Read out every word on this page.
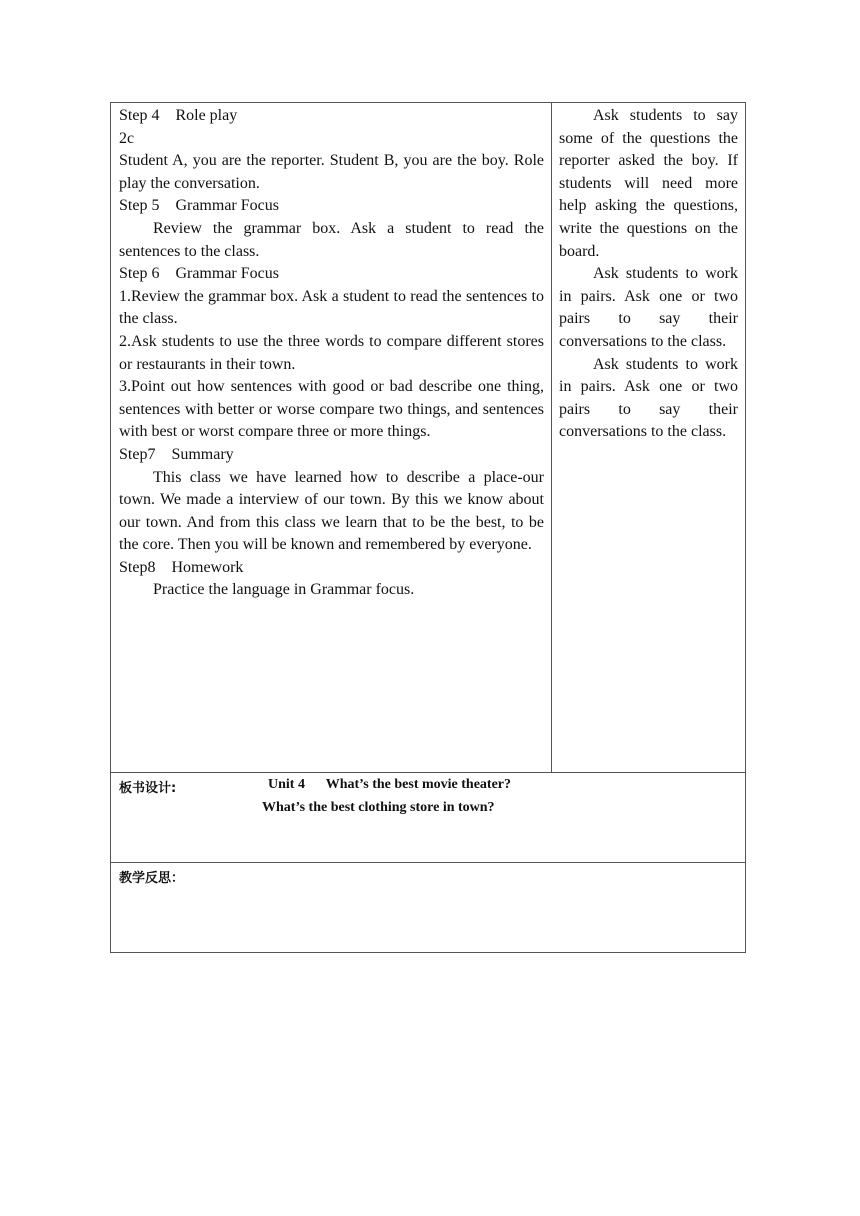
Step 4    Role play
2c
Student A, you are the reporter. Student B, you are the boy. Role play the conversation.
Step 5    Grammar Focus
Review the grammar box. Ask a student to read the sentences to the class.
Step 6    Grammar Focus
1.Review the grammar box. Ask a student to read the sentences to the class.
2.Ask students to use the three words to compare different stores or restaurants in their town.
3.Point out how sentences with good or bad describe one thing, sentences with better or worse compare two things, and sentences with best or worst compare three or more things.
Step7    Summary
This class we have learned how to describe a place-our town. We made a interview of our town. By this we know about our town. And from this class we learn that to be the best, to be the core. Then you will be known and remembered by everyone.
Step8    Homework
Practice the language in Grammar focus.
Ask students to say some of the questions the reporter asked the boy. If students will need more help asking the questions, write the questions on the board.
Ask students to work in pairs. Ask one or two pairs to say their conversations to the class.
Ask students to work in pairs. Ask one or two pairs to say their conversations to the class.
板书设计:	Unit 4      What’s the best movie theater?
What’s the best clothing store in town?
教学反思：
